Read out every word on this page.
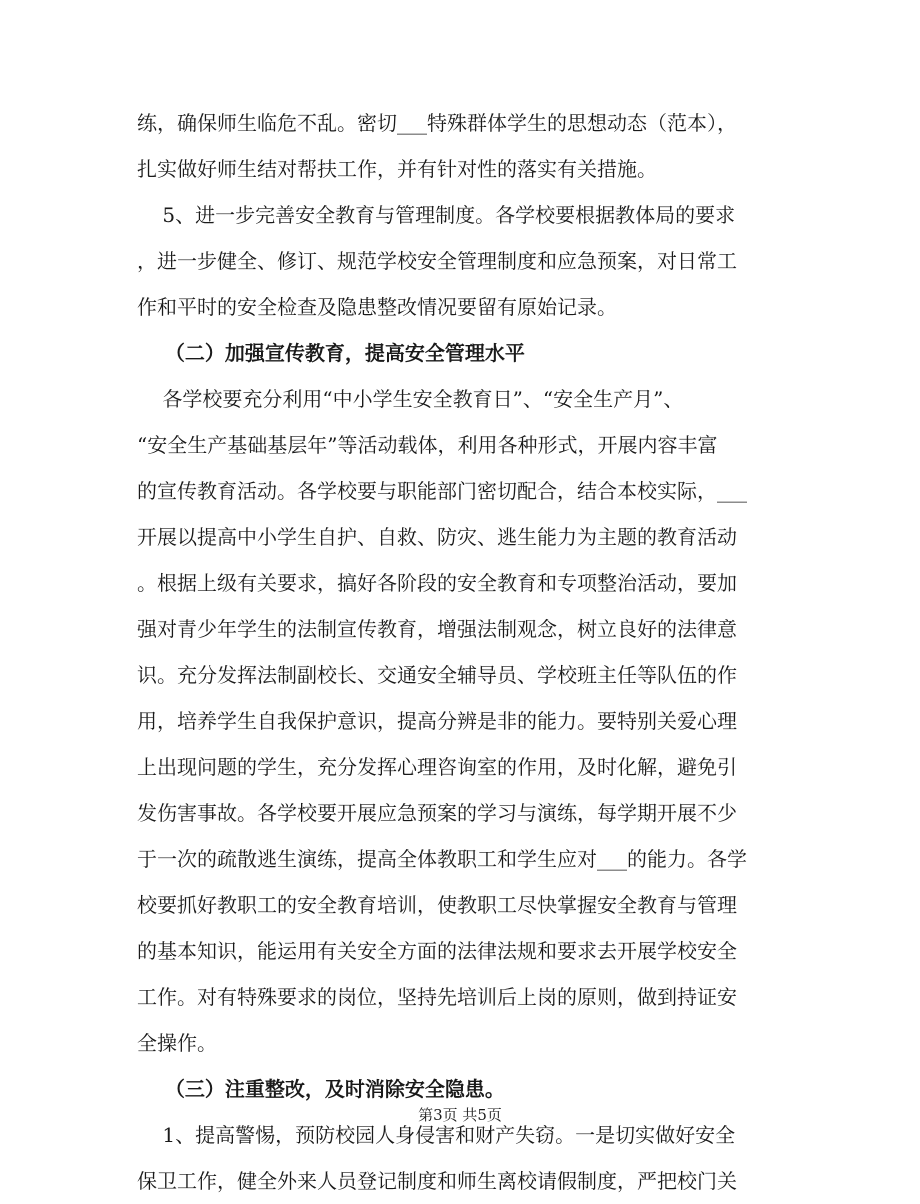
练，确保师生临危不乱。密切___特殊群体学生的思想动态（范本），
扎实做好师生结对帮扶工作，并有针对性的落实有关措施。
5、进一步完善安全教育与管理制度。各学校要根据教体局的要求
，进一步健全、修订、规范学校安全管理制度和应急预案，对日常工
作和平时的安全检查及隐患整改情况要留有原始记录。
（二）加强宣传教育，提高安全管理水平
各学校要充分利用“中小学生安全教育日”、“安全生产月”、
“安全生产基础基层年”等活动载体，利用各种形式，开展内容丰富
的宣传教育活动。各学校要与职能部门密切配合，结合本校实际，___
开展以提高中小学生自护、自救、防灾、逃生能力为主题的教育活动
。根据上级有关要求，搞好各阶段的安全教育和专项整治活动，要加
强对青少年学生的法制宣传教育，增强法制观念，树立良好的法律意
识。充分发挥法制副校长、交通安全辅导员、学校班主任等队伍的作
用，培养学生自我保护意识，提高分辨是非的能力。要特别关爱心理
上出现问题的学生，充分发挥心理咨询室的作用，及时化解，避免引
发伤害事故。各学校要开展应急预案的学习与演练，每学期开展不少
于一次的疏散逃生演练，提高全体教职工和学生应对___的能力。各学
校要抓好教职工的安全教育培训，使教职工尽快掌握安全教育与管理
的基本知识，能运用有关安全方面的法律法规和要求去开展学校安全
工作。对有特殊要求的岗位，坚持先培训后上岗的原则，做到持证安
全操作。
（三）注重整改，及时消除安全隐患。
1、提高警惕，预防校园人身侵害和财产失窃。一是切实做好安全
保卫工作，健全外来人员登记制度和师生离校请假制度，严把校门关
第3页 共5页
